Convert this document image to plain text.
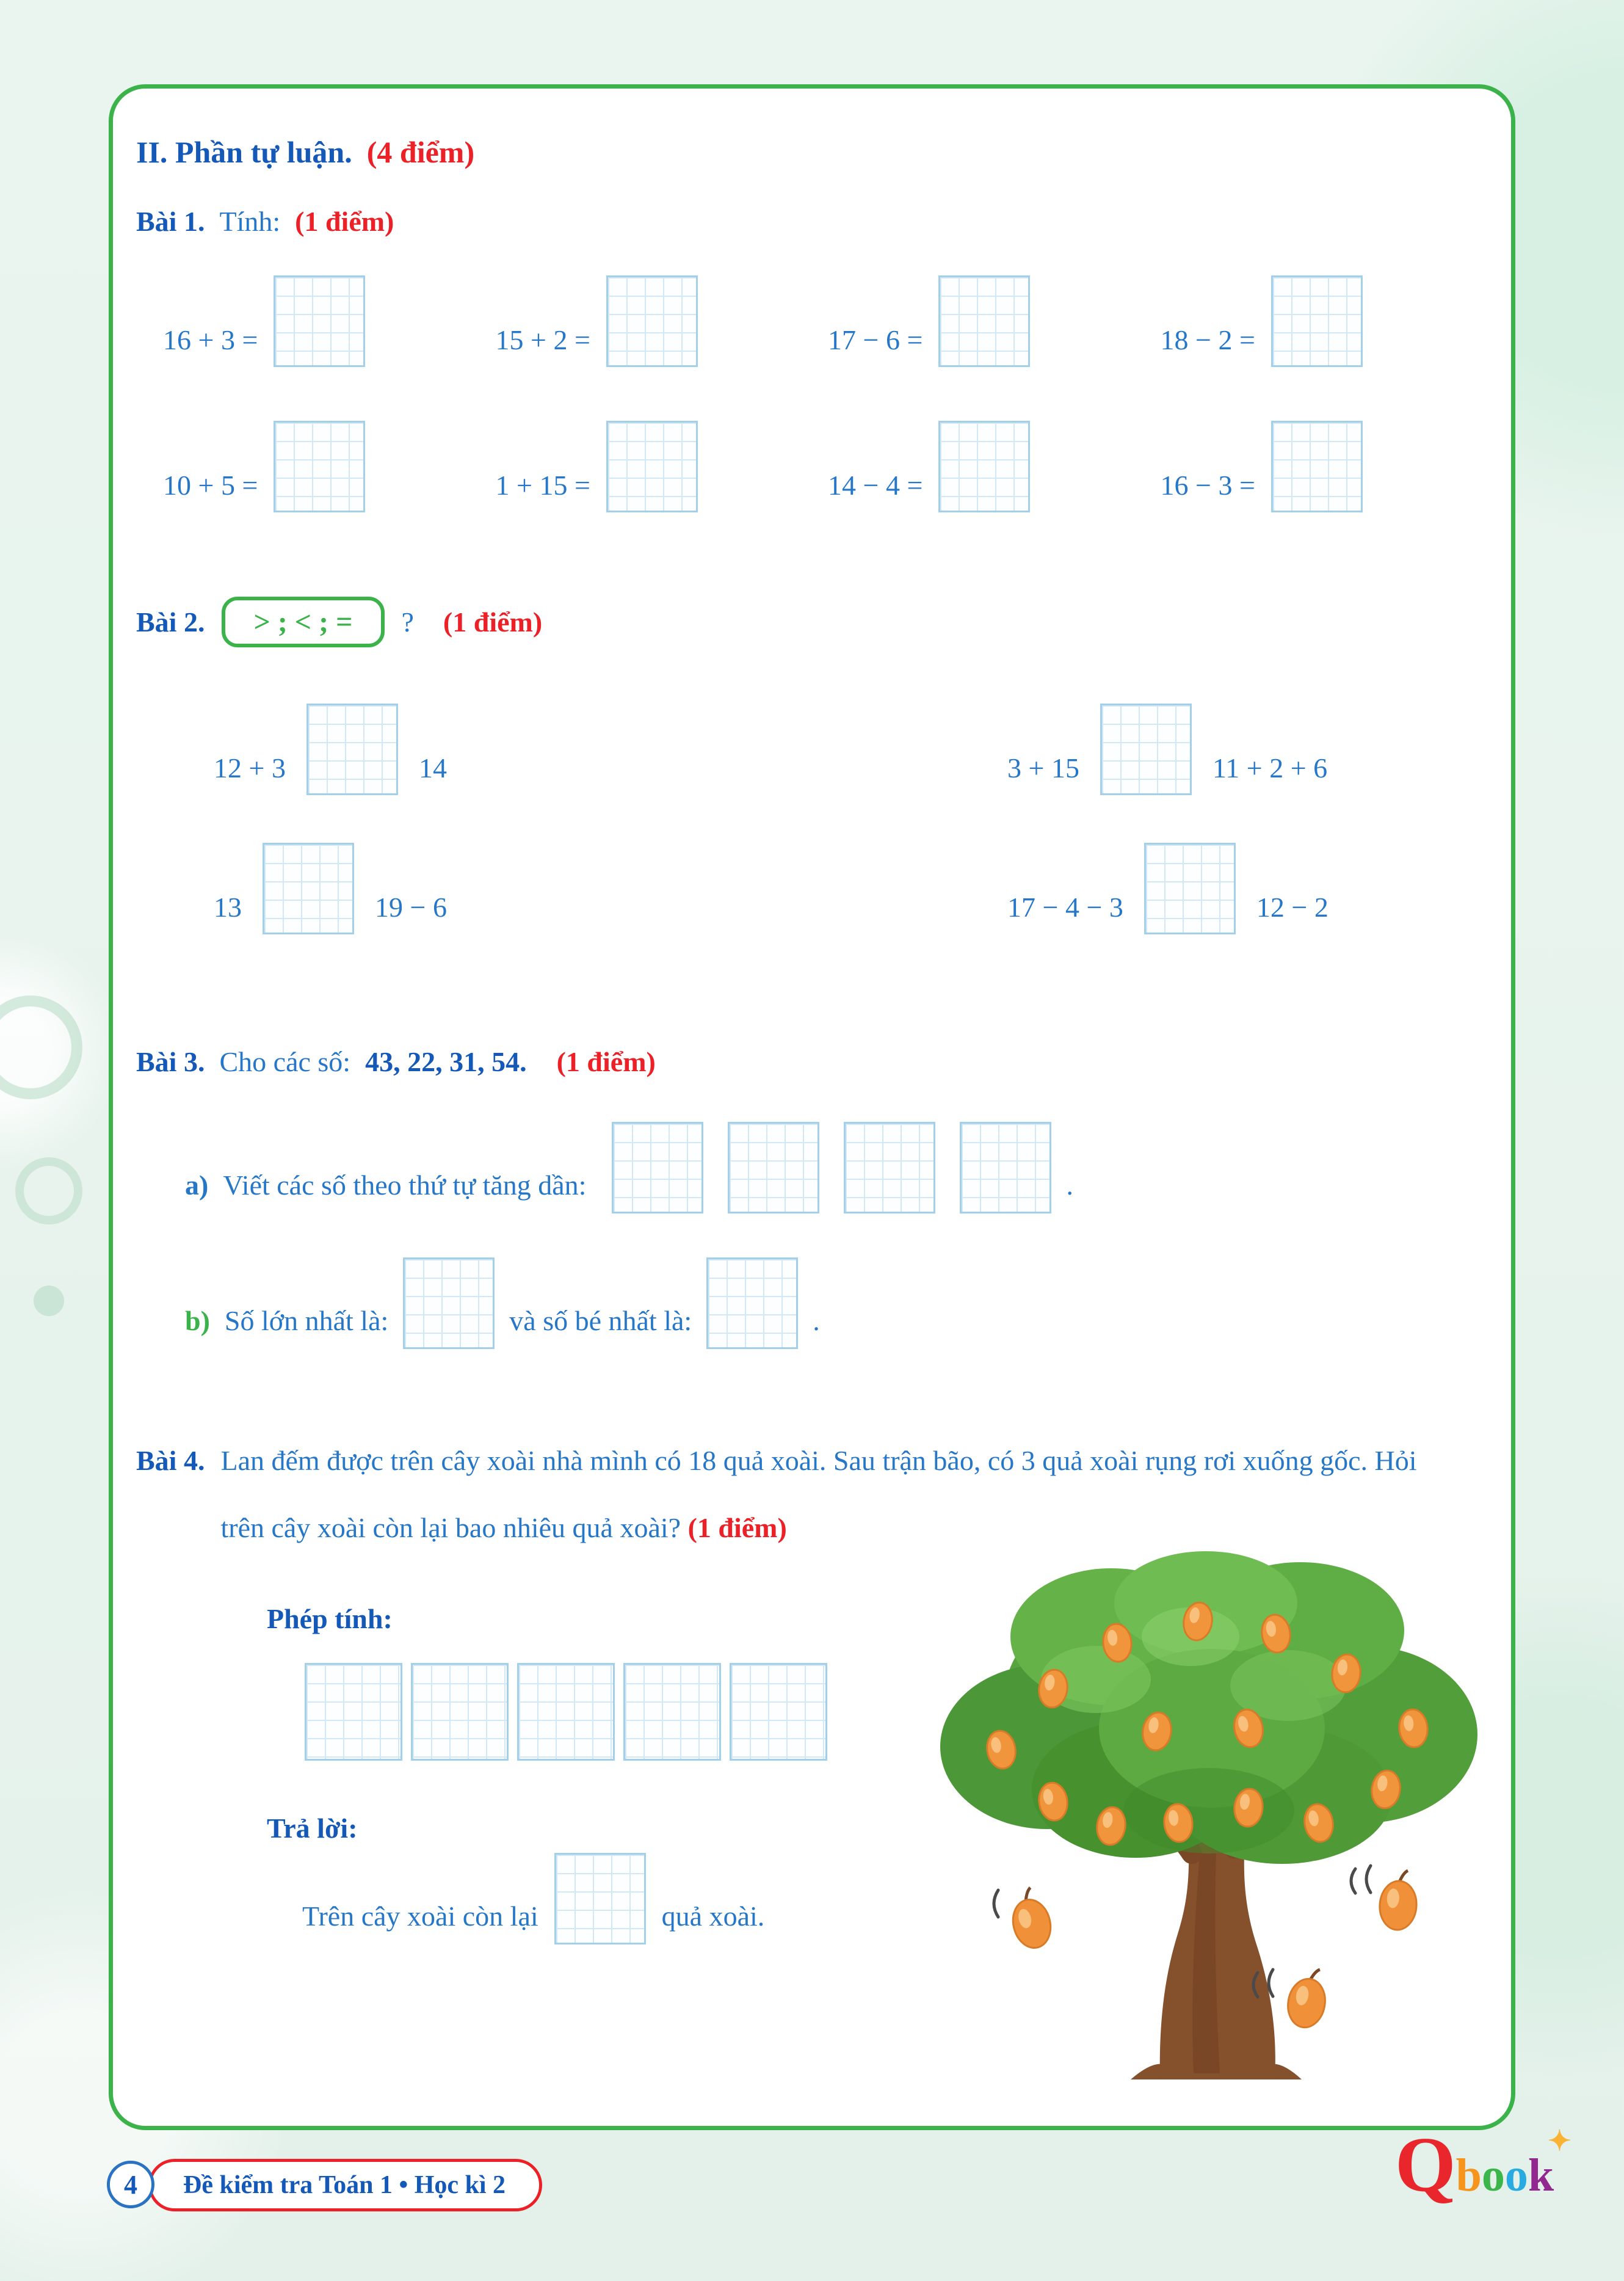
II. Phần tự luận. (4 điểm)
Bài 1. Tính: (1 điểm)
16 + 3 =	15 + 2 =	17 − 6 =	18 − 2 =
10 + 5 =	1 + 15 =	14 − 4 =	16 − 3 =
Bài 2.	> ; < ; =	? (1 điểm)
12 + 3	14	3 + 15	11 + 2 + 6
13	19 − 6	17 − 4 − 3	12 − 2
Bài 3. Cho các số: 43, 22, 31, 54. (1 điểm)
a) Viết các số theo thứ tự tăng dần:	.
b) Số lớn nhất là:	và số bé nhất là:	.
Bài 4. Lan đếm được trên cây xoài nhà mình có 18 quả xoài. Sau trận bão, có 3 quả xoài rụng rơi xuống gốc. Hỏi trên cây xoài còn lại bao nhiêu quả xoài? (1 điểm)

Phép tính:
Trả lời:
Trên cây xoài còn lại	quả xoài.
4 Đề kiểm tra Toán 1 • Học kì 2	Q b o o k
✦
